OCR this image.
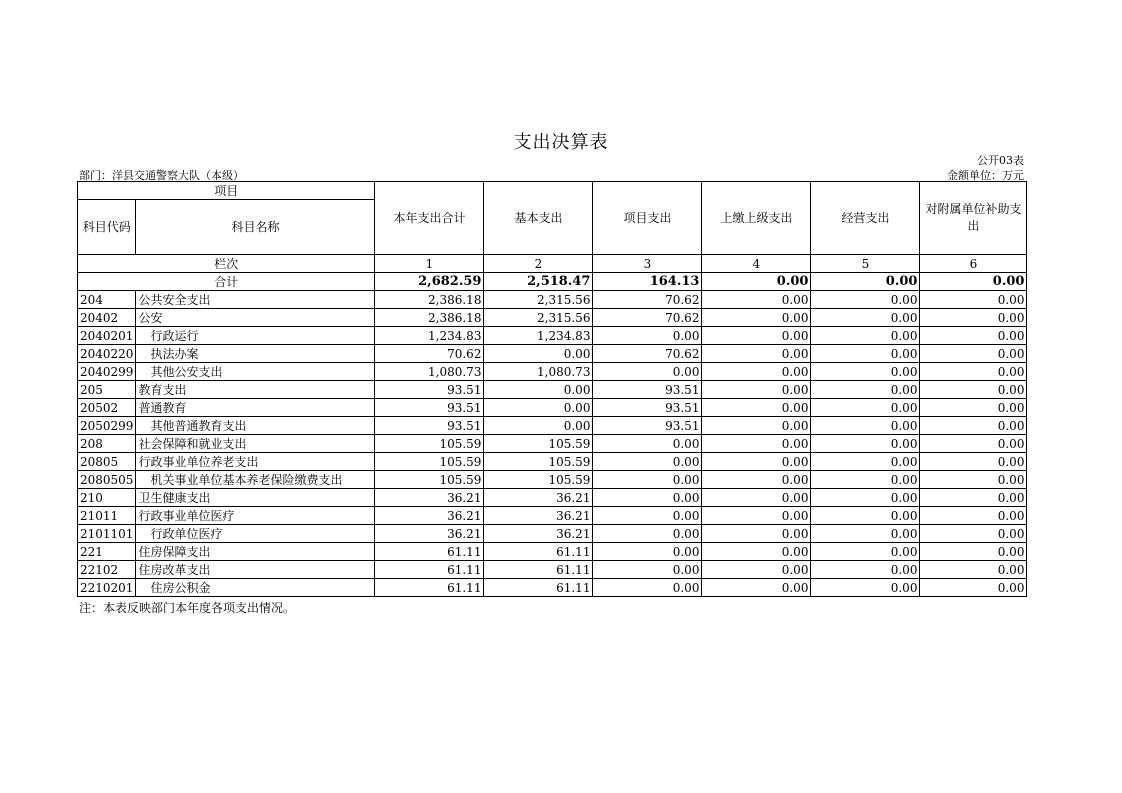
支出决算表
公开03表
部门：洋县交通警察大队（本级）	金额单位：万元
项目		本年支出合计	基本支出	项目支出	上缴上级支出	经营支出	对附属单位补助支出
科目代码	科目名称						
栏次		1	2	3	4	5	6
合计		2,682.59	2,518.47	164.13	0.00	0.00	0.00
204	公共安全支出	2,386.18	2,315.56	70.62	0.00	0.00	0.00
20402	公安	2,386.18	2,315.56	70.62	0.00	0.00	0.00
2040201	行政运行	1,234.83	1,234.83	0.00	0.00	0.00	0.00
2040220	执法办案	70.62	0.00	70.62	0.00	0.00	0.00
2040299	其他公安支出	1,080.73	1,080.73	0.00	0.00	0.00	0.00
205	教育支出	93.51	0.00	93.51	0.00	0.00	0.00
20502	普通教育	93.51	0.00	93.51	0.00	0.00	0.00
2050299	其他普通教育支出	93.51	0.00	93.51	0.00	0.00	0.00
208	社会保障和就业支出	105.59	105.59	0.00	0.00	0.00	0.00
20805	行政事业单位养老支出	105.59	105.59	0.00	0.00	0.00	0.00
2080505	机关事业单位基本养老保险缴费支出	105.59	105.59	0.00	0.00	0.00	0.00
210	卫生健康支出	36.21	36.21	0.00	0.00	0.00	0.00
21011	行政事业单位医疗	36.21	36.21	0.00	0.00	0.00	0.00
2101101	行政单位医疗	36.21	36.21	0.00	0.00	0.00	0.00
221	住房保障支出	61.11	61.11	0.00	0.00	0.00	0.00
22102	住房改革支出	61.11	61.11	0.00	0.00	0.00	0.00
2210201	住房公积金	61.11	61.11	0.00	0.00	0.00	0.00
注：本表反映部门本年度各项支出情况。
